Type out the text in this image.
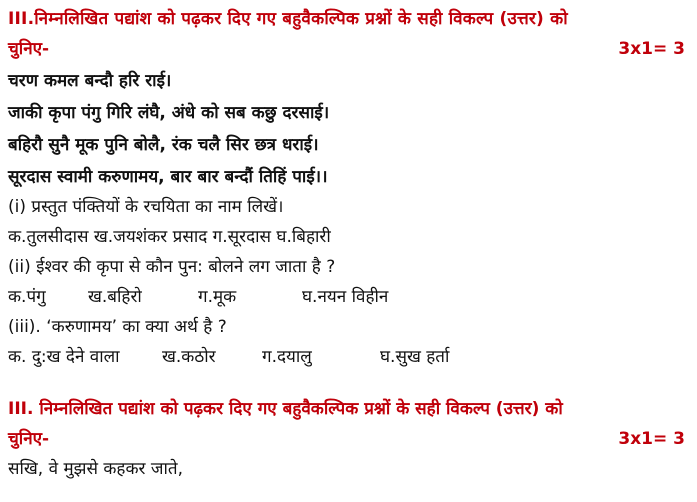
III.निम्नलिखित पद्यांश को पढ़कर दिए गए बहुवैकल्पिक प्रश्नों के सही विकल्प (उत्तर) को
चुनिए-	3x1= 3
चरण कमल बन्दौ हरि राई।
जाकी कृपा पंगु गिरि लंघै, अंधे को सब कछु दरसाई।
बहिरौ सुनै मूक पुनि बोलै, रंक चलै सिर छत्र धराई।
सूरदास स्वामी करुणामय, बार बार बन्दौं तिहिं पाई।।
(i) प्रस्तुत पंक्तियों के रचयिता का नाम लिखें।
क.तुलसीदास ख.जयशंकर प्रसाद ग.सूरदास घ.बिहारी
(ii) ईश्वर की कृपा से कौन पुन: बोलने लग जाता है ?
क.पंगु ख.बहिरो	ग.मूक	घ.नयन विहीन
(iii). ‘करुणामय’ का क्या अर्थ है ?
क. दु:ख देने वाला ख.कठोर	ग.दयालु	घ.सुख हर्ता
III. निम्नलिखित पद्यांश को पढ़कर दिए गए बहुवैकल्पिक प्रश्नों के सही विकल्प (उत्तर) को
चुनिए-	3x1= 3
सखि, वे मुझसे कहकर जाते,
